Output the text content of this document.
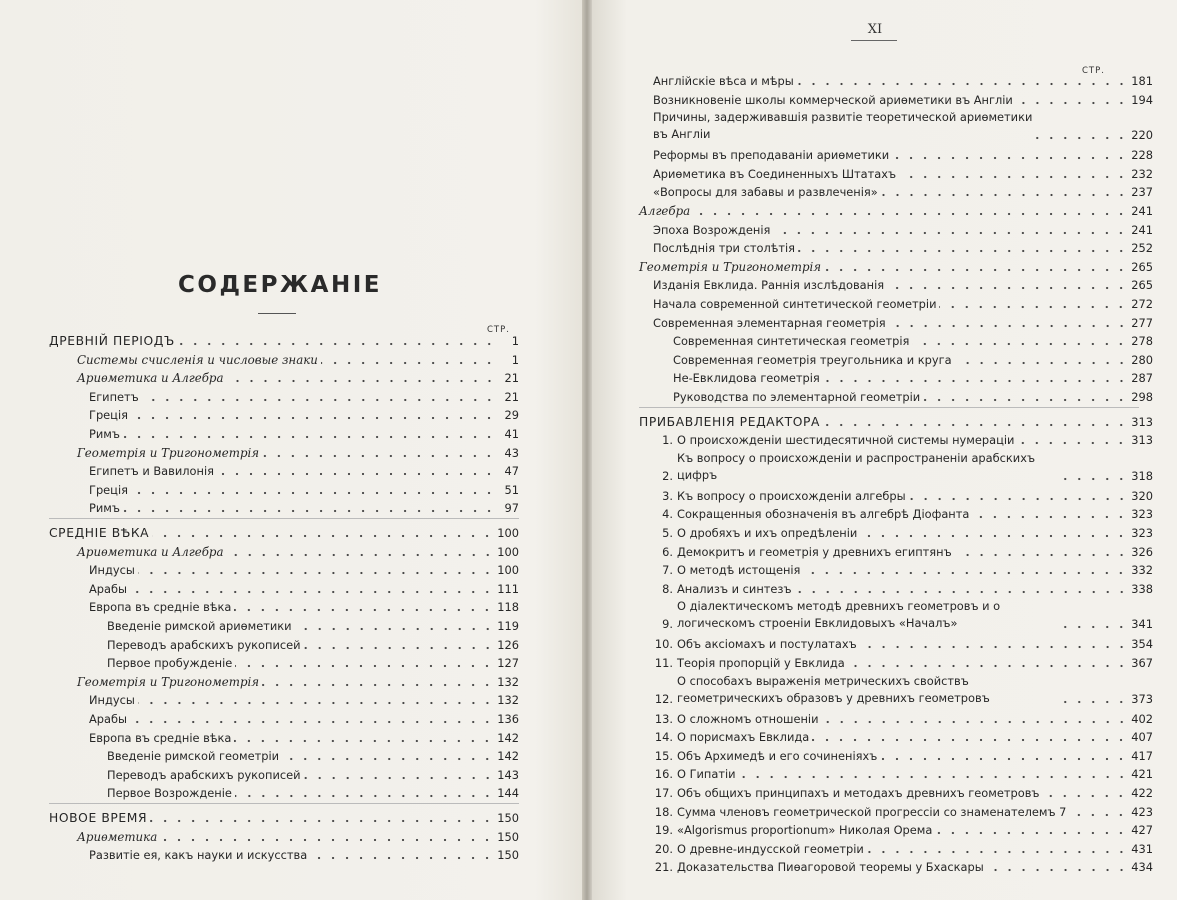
СОДЕРЖАНІЕ
СТР.
ДРЕВНІЙ ПЕРІОДЪ	1
Системы счисленія и числовые знаки	1
Ариѳметика и Алгебра	21
Египетъ	21
Греція	29
Римъ	41
Геометрія и Тригонометрія	43
Египетъ и Вавилонія	47
Греція	51
Римъ	97
СРЕДНІЕ ВѢКА	100
Ариѳметика и Алгебра	100
Индусы	100
Арабы	111
Европа въ средніе вѣка	118
Введеніе римской ариѳметики	119
Переводъ арабскихъ рукописей	126
Первое пробужденіе	127
Геометрія и Тригонометрія	132
Индусы	132
Арабы	136
Европа въ средніе вѣка	142
Введеніе римской геометріи	142
Переводъ арабскихъ рукописей	143
Первое Возрожденіе	144
НОВОЕ ВРЕМЯ	150
Ариѳметика	150
Развитіе ея, какъ науки и искусства	150
XI
СТР.
Англійскіе вѣса и мѣры	181
Возникновеніе школы коммерческой ариѳметики въ Англіи	194
Причины, задерживавшія развитіе теоретической ариѳметики въ Англіи	220
Реформы въ преподаваніи ариѳметики	228
Ариѳметика въ Соединенныхъ Штатахъ	232
«Вопросы для забавы и развлеченія»	237
Алгебра	241
Эпоха Возрожденія	241
Послѣднія три столѣтія	252
Геометрія и Тригонометрія	265
Изданія Евклида. Раннія изслѣдованія	265
Начала современной синтетической геометріи	272
Современная элементарная геометрія	277
Современная синтетическая геометрія	278
Современная геометрія треугольника и круга	280
Не-Евклидова геометрія	287
Руководства по элементарной геометріи	298
ПРИБАВЛЕНІЯ РЕДАКТОРА	313
1. О происхожденіи шестидесятичной системы нумераціи	313
2.
Къ вопросу о происхожденіи и распространеніи арабскихъ цифръ	318
3. Къ вопросу о происхожденіи алгебры	320
4. Сокращенныя обозначенія въ алгебрѣ Діофанта	323
5. О дробяхъ и ихъ опредѣленіи	323
6. Демокритъ и геометрія у древнихъ египтянъ	326
7. О методѣ истощенія	332
8. Анализъ и синтезъ	338
9.
О діалектическомъ методѣ древнихъ геометровъ и о логическомъ строеніи Евклидовыхъ «Началъ»	341
10. Объ аксіомахъ и постулатахъ	354
11. Теорія пропорцій у Евклида	367
12.
О способахъ выраженія метрическихъ свойствъ геометрическихъ образовъ у древнихъ геометровъ	373
13. О сложномъ отношеніи	402
14. О порисмахъ Евклида	407
15. Объ Архимедѣ и его сочиненіяхъ	417
16. О Гипатіи	421
17. Объ общихъ принципахъ и методахъ древнихъ геометровъ	422
18. Сумма членовъ геометрической прогрессіи со знаменателемъ 7	423
19. «Algorismus proportionum» Николая Орема	427
20. О древне-индусской геометріи	431
21. Доказательства Пиѳагоровой теоремы у Бхаскары	434
